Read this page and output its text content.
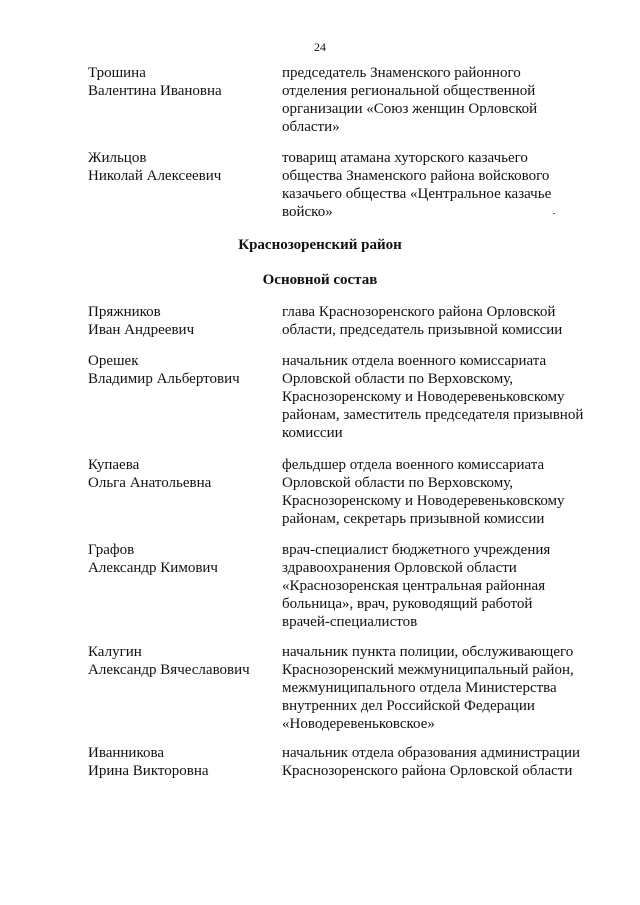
24
Трошина
Валентина Ивановна
председатель Знаменского районного
отделения региональной общественной
организации «Союз женщин Орловской
области»
Жильцов
Николай Алексеевич
товарищ атамана хуторского казачьего
общества Знаменского района войскового
казачьего общества «Центральное казачье
войско»
Краснозоренский район
Основной состав
Пряжников
Иван Андреевич
глава Краснозоренского района Орловской
области, председатель призывной комиссии
Орешек
Владимир Альбертович
начальник отдела военного комиссариата
Орловской области по Верховскому,
Краснозоренскому и Новодеревеньковскому
районам, заместитель председателя призывной
комиссии
Купаева
Ольга Анатольевна
фельдшер отдела военного комиссариата
Орловской области по Верховскому,
Краснозоренскому и Новодеревеньковскому
районам, секретарь призывной комиссии
Графов
Александр Кимович
врач-специалист бюджетного учреждения
здравоохранения Орловской области
«Краснозоренская центральная районная
больница», врач, руководящий работой
врачей-специалистов
Калугин
Александр Вячеславович
начальник пункта полиции, обслуживающего
Краснозоренский межмуниципальный район,
межмуниципального отдела Министерства
внутренних дел Российской Федерации
«Новодеревеньковское»
Иванникова
Ирина Викторовна
начальник отдела образования администрации
Краснозоренского района Орловской области
